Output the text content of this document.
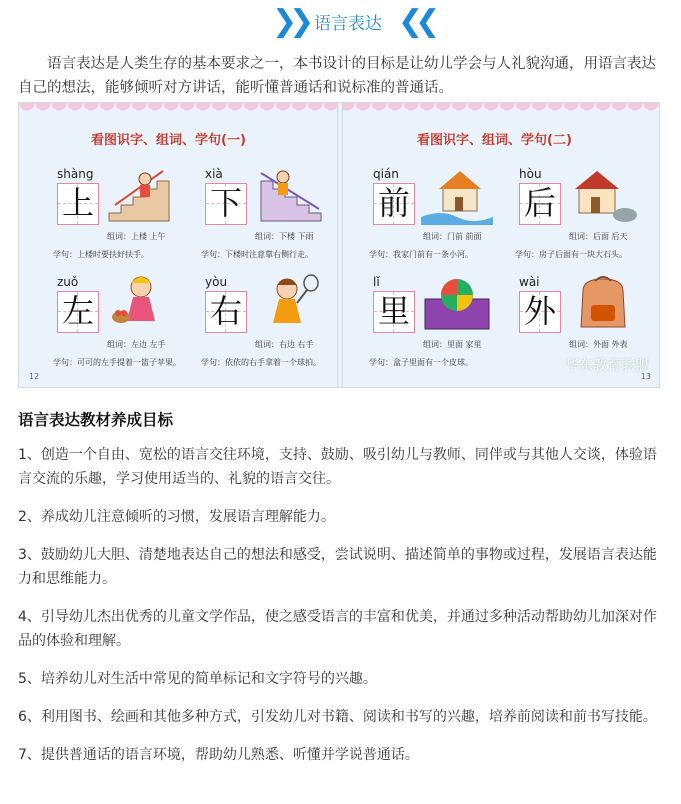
❯❯ 语言表达 ❮❮

语言表达是人类生存的基本要求之一，本书设计的目标是让幼儿学会与人礼貌沟通，用语言表达自己的想法，能够倾听对方讲话，能听懂普通话和说标准的普通话。

看图识字、组词、学句(一)
shàng
上
组词：上楼 上午
学句：上楼时要扶好扶手。
xià
下
组词：下楼 下雨
学句：下楼时注意靠右侧行走。
zuǒ
左
组词：左边 左手
学句：可可的左手提着一篮子苹果。
yòu
右
组词：右边 右手
学句：依依的右手拿着一个球拍。
12
看图识字、组词、学句(二)
qián
前
组词：门前 前面
学句：我家门前有一条小河。
hòu
后
组词：后面 后天
学句：房子后面有一块大石头。
lǐ
里
组词：里面 家里
学句：盒子里面有一个皮球。
wài
外
组词：外面 外表
13
华东教育联盟
语言表达教材养成目标
1、创造一个自由、宽松的语言交往环境，支持、鼓励、吸引幼儿与教师、同伴或与其他人交谈，体验语言交流的乐趣，学习使用适当的、礼貌的语言交往。
2、养成幼儿注意倾听的习惯，发展语言理解能力。
3、鼓励幼儿大胆、清楚地表达自己的想法和感受，尝试说明、描述简单的事物或过程，发展语言表达能力和思维能力。
4、引导幼儿杰出优秀的儿童文学作品，使之感受语言的丰富和优美，并通过多种活动帮助幼儿加深对作品的体验和理解。
5、培养幼儿对生活中常见的简单标记和文字符号的兴趣。
6、利用图书、绘画和其他多种方式，引发幼儿对书籍、阅读和书写的兴趣，培养前阅读和前书写技能。
7、提供普通话的语言环境，帮助幼儿熟悉、听懂并学说普通话。
